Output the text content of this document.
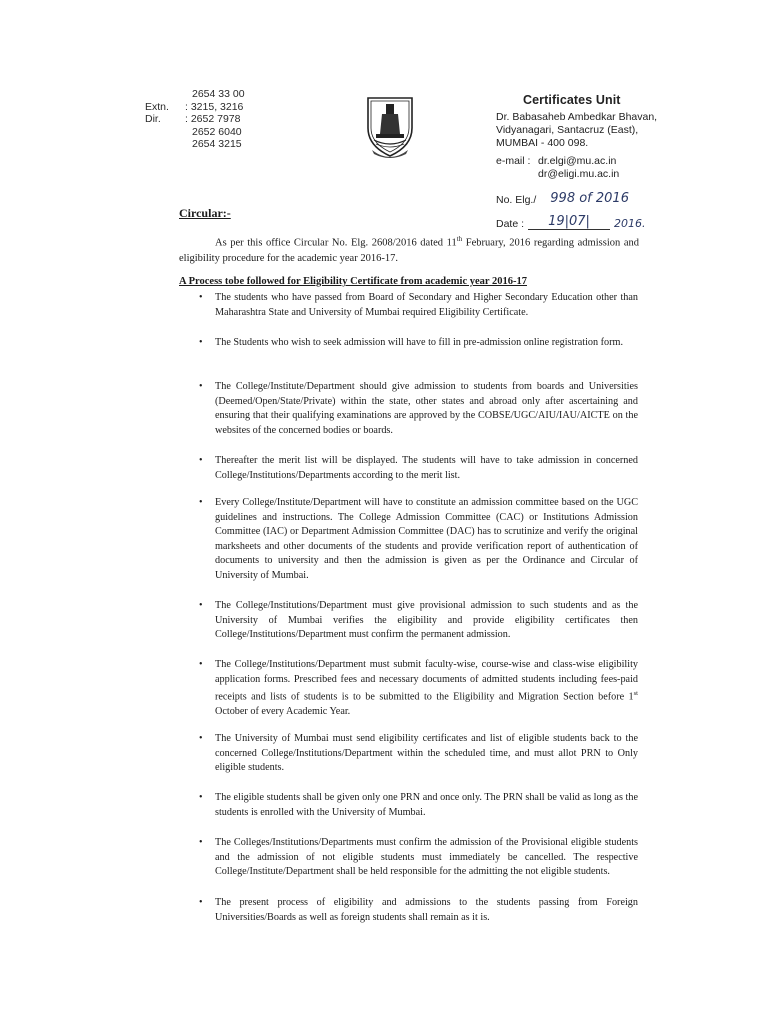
2654 33 00
Extn.	: 3215, 3216
Dir.	: 2652 7978
2652 6040
2654 3215
Certificates Unit
Dr. Babasaheb Ambedkar Bhavan,
Vidyanagari, Santacruz (East),
MUMBAI - 400 098.
e-mail : dr.elgi@mu.ac.in
dr@eligi.mu.ac.in
No. Elg./ 998 of 2016
Date :	19|07|	2016.
Circular:-

As per this office Circular No. Elg. 2608/2016 dated 11th February, 2016 regarding admission and eligibility procedure for the academic year 2016-17.

A Process tobe followed for Eligibility Certificate from academic year 2016-17
• The students who have passed from Board of Secondary and Higher Secondary Education other than Maharashtra State and University of Mumbai required Eligibility Certificate.
• The Students who wish to seek admission will have to fill in pre-admission online registration form.
• The College/Institute/Department should give admission to students from boards and Universities (Deemed/Open/State/Private) within the state, other states and abroad only after ascertaining and ensuring that their qualifying examinations are approved by the COBSE/UGC/AIU/IAU/AICTE on the websites of the concerned bodies or boards.
• Thereafter the merit list will be displayed. The students will have to take admission in concerned College/Institutions/Departments according to the merit list.
• Every College/Institute/Department will have to constitute an admission committee based on the UGC guidelines and instructions. The College Admission Committee (CAC) or Institutions Admission Committee (IAC) or Department Admission Committee (DAC) has to scrutinize and verify the original marksheets and other documents of the students and provide verification report of authentication of documents to university and then the admission is given as per the Ordinance and Circular of University of Mumbai.
• The College/Institutions/Department must give provisional admission to such students and as the University of Mumbai verifies the eligibility and provide eligibility certificates then College/Institutions/Department must confirm the permanent admission.
• The College/Institutions/Department must submit faculty-wise, course-wise and class-wise eligibility application forms. Prescribed fees and necessary documents of admitted students including fees-paid receipts and lists of students is to be submitted to the Eligibility and Migration Section before 1st October of every Academic Year.
• The University of Mumbai must send eligibility certificates and list of eligible students back to the concerned College/Institutions/Department within the scheduled time, and must allot PRN to Only eligible students.
• The eligible students shall be given only one PRN and once only. The PRN shall be valid as long as the students is enrolled with the University of Mumbai.
• The Colleges/Institutions/Departments must confirm the admission of the Provisional eligible students and the admission of not eligible students must immediately be cancelled. The respective College/Institute/Department shall be held responsible for the admitting the not eligible students.
• The present process of eligibility and admissions to the students passing from Foreign Universities/Boards as well as foreign students shall remain as it is.
